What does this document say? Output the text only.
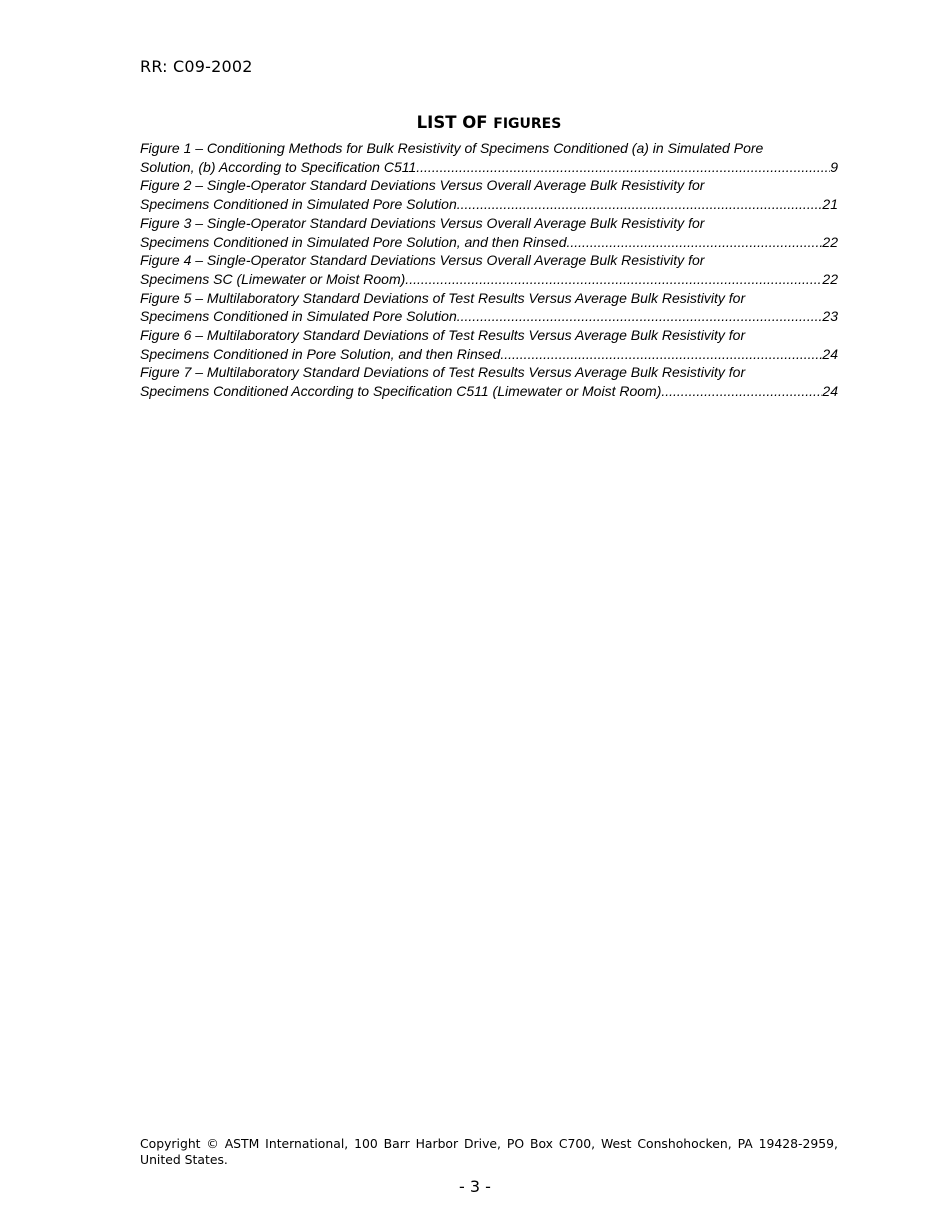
RR: C09-2002
LIST OF FIGURES
Figure 1 – Conditioning Methods for Bulk Resistivity of Specimens Conditioned (a) in Simulated Pore
Solution, (b) According to Specification C511. .....	9
Figure 2 – Single-Operator Standard Deviations Versus Overall Average Bulk Resistivity for
Specimens Conditioned in Simulated Pore Solution. .....	21
Figure 3 – Single-Operator Standard Deviations Versus Overall Average Bulk Resistivity for
Specimens Conditioned in Simulated Pore Solution, and then Rinsed. .....	22
Figure 4 – Single-Operator Standard Deviations Versus Overall Average Bulk Resistivity for
Specimens SC (Limewater or Moist Room). .....	22
Figure 5 – Multilaboratory Standard Deviations of Test Results Versus Average Bulk Resistivity for
Specimens Conditioned in Simulated Pore Solution. .....	23
Figure 6 – Multilaboratory Standard Deviations of Test Results Versus Average Bulk Resistivity for
Specimens Conditioned in Pore Solution, and then Rinsed. .....	24
Figure 7 – Multilaboratory Standard Deviations of Test Results Versus Average Bulk Resistivity for
Specimens Conditioned According to Specification C511 (Limewater or Moist Room). .....	24
Copyright © ASTM International, 100 Barr Harbor Drive, PO Box C700, West Conshohocken, PA 19428-2959, United States.
- 3 -
